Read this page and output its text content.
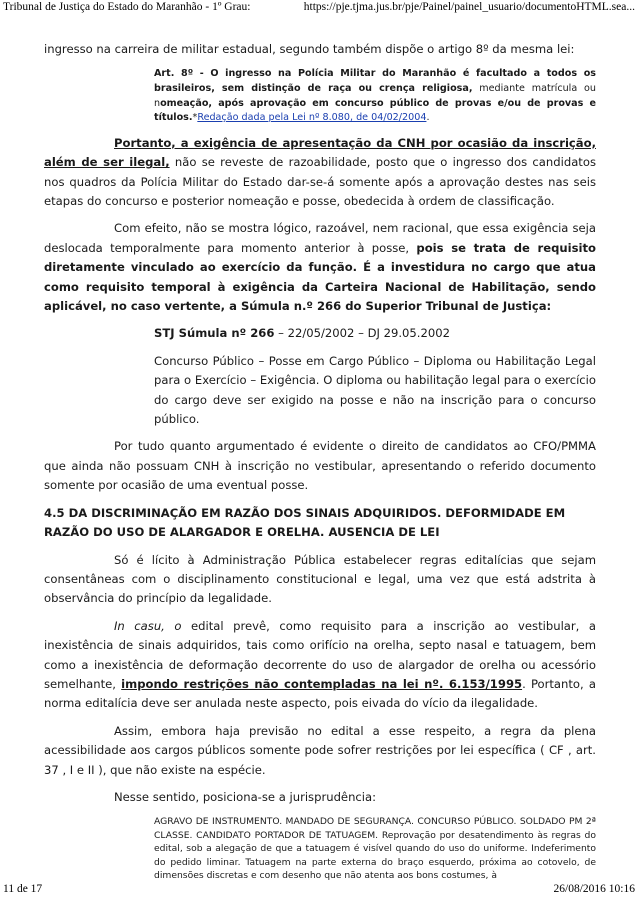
Tribunal de Justiça do Estado do Maranhão - 1º Grau:	https://pje.tjma.jus.br/pje/Painel/painel_usuario/documentoHTML.sea...

ingresso na carreira de militar estadual, segundo também dispõe o artigo 8º da mesma lei:

Art. 8º - O ingresso na Polícia Militar do Maranhão é facultado a todos os brasileiros, sem distinção de raça ou crença religiosa, mediante matrícula ou nomeação, após aprovação em concurso público de provas e/ou de provas e títulos.*Redação dada pela Lei nº 8.080, de 04/02/2004.

Portanto, a exigência de apresentação da CNH por ocasião da inscrição, além de ser ilegal, não se reveste de razoabilidade, posto que o ingresso dos candidatos nos quadros da Polícia Militar do Estado dar-se-á somente após a aprovação destes nas seis etapas do concurso e posterior nomeação e posse, obedecida à ordem de classificação.

Com efeito, não se mostra lógico, razoável, nem racional, que essa exigência seja deslocada temporalmente para momento anterior à posse, pois se trata de requisito diretamente vinculado ao exercício da função. É a investidura no cargo que atua como requisito temporal à exigência da Carteira Nacional de Habilitação, sendo aplicável, no caso vertente, a Súmula n.º 266 do Superior Tribunal de Justiça:

STJ Súmula nº 266 – 22/05/2002 – DJ 29.05.2002

Concurso Público – Posse em Cargo Público – Diploma ou Habilitação Legal para o Exercício – Exigência. O diploma ou habilitação legal para o exercício do cargo deve ser exigido na posse e não na inscrição para o concurso público.

Por tudo quanto argumentado é evidente o direito de candidatos ao CFO/PMMA que ainda não possuam CNH à inscrição no vestibular, apresentando o referido documento somente por ocasião de uma eventual posse.

4.5 DA DISCRIMINAÇÃO EM RAZÃO DOS SINAIS ADQUIRIDOS. DEFORMIDADE EM RAZÃO DO USO DE ALARGADOR E ORELHA. AUSENCIA DE LEI

Só é lícito à Administração Pública estabelecer regras editalícias que sejam consentâneas com o disciplinamento constitucional e legal, uma vez que está adstrita à observância do princípio da legalidade.

In casu, o edital prevê, como requisito para a inscrição ao vestibular, a inexistência de sinais adquiridos, tais como orifício na orelha, septo nasal e tatuagem, bem como a inexistência de deformação decorrente do uso de alargador de orelha ou acessório semelhante, impondo restrições não contempladas na lei nº. 6.153/1995. Portanto, a norma editalícia deve ser anulada neste aspecto, pois eivada do vício da ilegalidade.

Assim, embora haja previsão no edital a esse respeito, a regra da plena acessibilidade aos cargos públicos somente pode sofrer restrições por lei específica ( CF , art. 37 , I e II ), que não existe na espécie.

Nesse sentido, posiciona-se a jurisprudência:

AGRAVO DE INSTRUMENTO. MANDADO DE SEGURANÇA. CONCURSO PÚBLICO. SOLDADO PM 2ª CLASSE. CANDIDATO PORTADOR DE TATUAGEM. Reprovação por desatendimento às regras do edital, sob a alegação de que a tatuagem é visível quando do uso do uniforme. Indeferimento do pedido liminar. Tatuagem na parte externa do braço esquerdo, próxima ao cotovelo, de dimensões discretas e com desenho que não atenta aos bons costumes, à

11 de 17	26/08/2016 10:16
